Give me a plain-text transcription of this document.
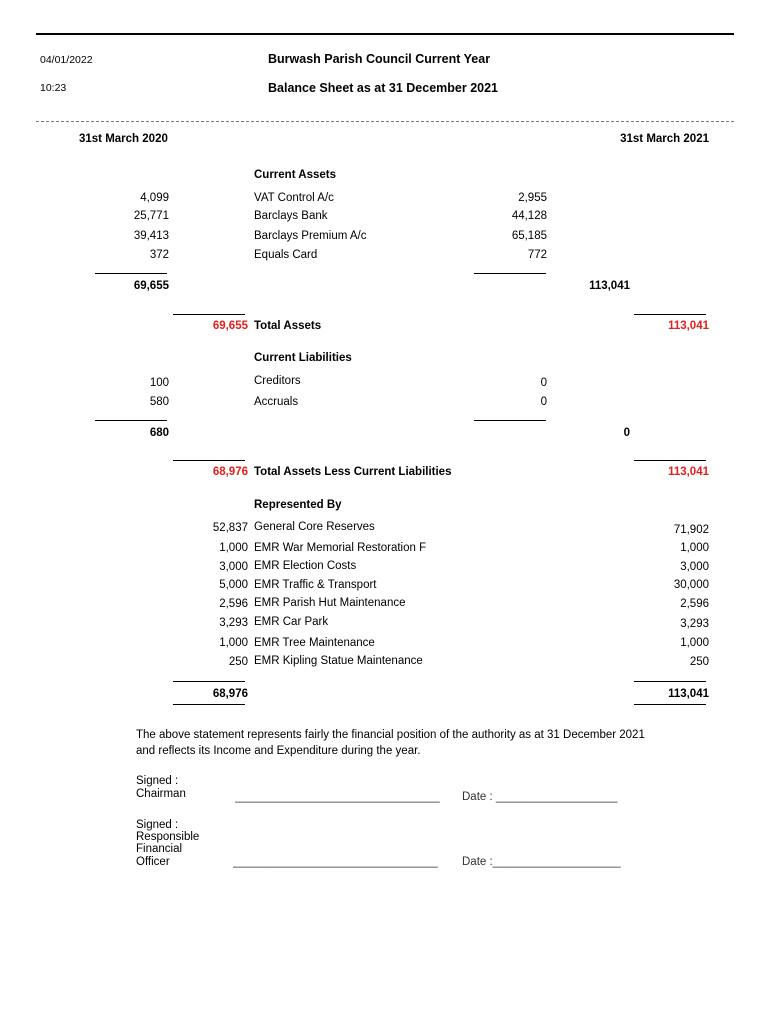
04/01/2022
10:23
Burwash Parish Council Current Year
Balance Sheet as at 31 December 2021
31st March 2020	31st March 2021
Current Assets
4,099	VAT Control A/c	2,955
25,771	Barclays Bank	44,128
39,413	Barclays Premium A/c	65,185
372	Equals Card	772
69,655	113,041
69,655 Total Assets	113,041
Current Liabilities
100	Creditors	0
580	Accruals	0
680	0
68,976 Total Assets Less Current Liabilities	113,041
Represented By
52,837 General Core Reserves	71,902
1,000 EMR War Memorial Restoration F	1,000
3,000 EMR Election Costs	3,000
5,000 EMR Traffic & Transport	30,000
2,596 EMR Parish Hut Maintenance	2,596
3,293 EMR Car Park	3,293
1,000 EMR Tree Maintenance	1,000
250 EMR Kipling Statue Maintenance	250
68,976	113,041
The above statement represents fairly the financial position of the authority as at 31 December 2021
and reflects its Income and Expenditure during the year.
Signed :
Chairman	________________________________	Date : ___________________
Signed :
Responsible
Financial
Officer	________________________________	Date :____________________
